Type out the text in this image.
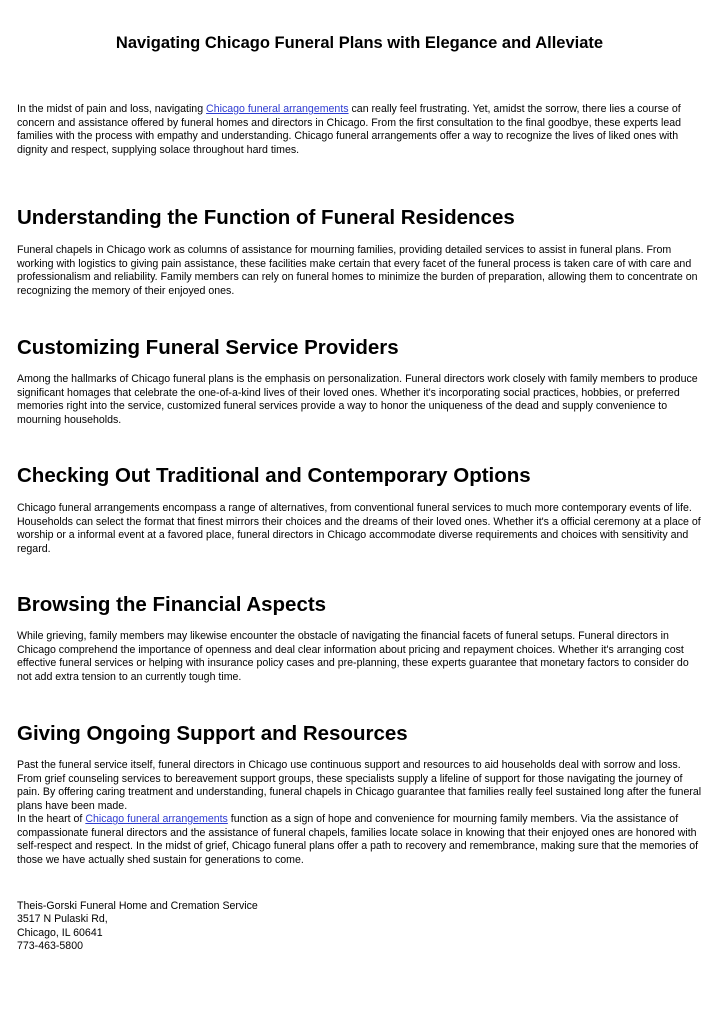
Navigating Chicago Funeral Plans with Elegance and Alleviate

In the midst of pain and loss, navigating Chicago funeral arrangements can really feel frustrating. Yet, amidst the sorrow, there lies a course of concern and assistance offered by funeral homes and directors in Chicago. From the first consultation to the final goodbye, these experts lead families with the process with empathy and understanding. Chicago funeral arrangements offer a way to recognize the lives of liked ones with dignity and respect, supplying solace throughout hard times.

Understanding the Function of Funeral Residences

Funeral chapels in Chicago work as columns of assistance for mourning families, providing detailed services to assist in funeral plans. From working with logistics to giving pain assistance, these facilities make certain that every facet of the funeral process is taken care of with care and professionalism and reliability. Family members can rely on funeral homes to minimize the burden of preparation, allowing them to concentrate on recognizing the memory of their enjoyed ones.

Customizing Funeral Service Providers

Among the hallmarks of Chicago funeral plans is the emphasis on personalization. Funeral directors work closely with family members to produce significant homages that celebrate the one-of-a-kind lives of their loved ones. Whether it's incorporating social practices, hobbies, or preferred memories right into the service, customized funeral services provide a way to honor the uniqueness of the dead and supply convenience to mourning households.

Checking Out Traditional and Contemporary Options

Chicago funeral arrangements encompass a range of alternatives, from conventional funeral services to much more contemporary events of life. Households can select the format that finest mirrors their choices and the dreams of their loved ones. Whether it's a official ceremony at a place of worship or a informal event at a favored place, funeral directors in Chicago accommodate diverse requirements and choices with sensitivity and regard.

Browsing the Financial Aspects

While grieving, family members may likewise encounter the obstacle of navigating the financial facets of funeral setups. Funeral directors in Chicago comprehend the importance of openness and deal clear information about pricing and repayment choices. Whether it's arranging cost effective funeral services or helping with insurance policy cases and pre-planning, these experts guarantee that monetary factors to consider do not add extra tension to an currently tough time.

Giving Ongoing Support and Resources

Past the funeral service itself, funeral directors in Chicago use continuous support and resources to aid households deal with sorrow and loss. From grief counseling services to bereavement support groups, these specialists supply a lifeline of support for those navigating the journey of pain. By offering caring treatment and understanding, funeral chapels in Chicago guarantee that families really feel sustained long after the funeral plans have been made.
In the heart of Chicago funeral arrangements function as a sign of hope and convenience for mourning family members. Via the assistance of compassionate funeral directors and the assistance of funeral chapels, families locate solace in knowing that their enjoyed ones are honored with self-respect and respect. In the midst of grief, Chicago funeral plans offer a path to recovery and remembrance, making sure that the memories of those we have actually shed sustain for generations to come.

Theis-Gorski Funeral Home and Cremation Service
3517 N Pulaski Rd,
Chicago, IL 60641
773-463-5800
